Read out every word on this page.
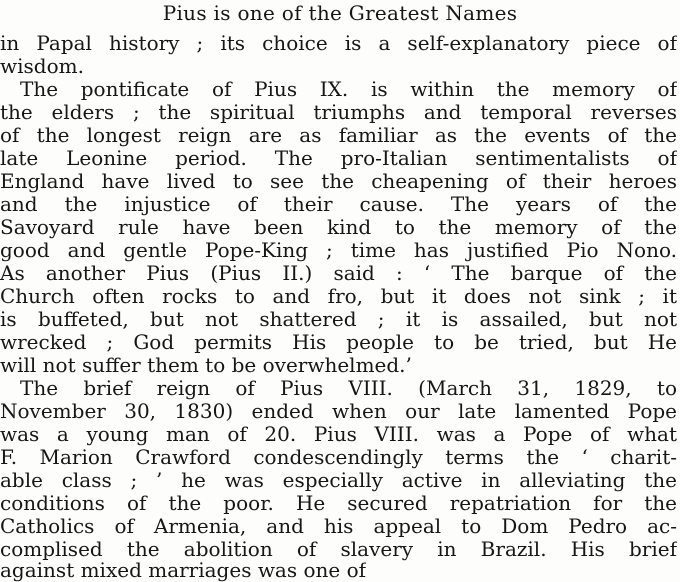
Pius is one of the Greatest Names
in Papal history ; its choice is a self-explanatory piece of
wisdom.
The pontificate of Pius IX. is within the memory of
the elders ; the spiritual triumphs and temporal reverses
of the longest reign are as familiar as the events of the
late Leonine period. The pro-Italian sentimentalists of
England have lived to see the cheapening of their heroes
and the injustice of their cause. The years of the
Savoyard rule have been kind to the memory of the
good and gentle Pope-King ; time has justified Pio Nono.
As another Pius (Pius II.) said : ‘ The barque of the
Church often rocks to and fro, but it does not sink ; it
is buffeted, but not shattered ; it is assailed, but not
wrecked ; God permits His people to be tried, but He
will not suffer them to be overwhelmed.’
The brief reign of Pius VIII. (March 31, 1829, to
November 30, 1830) ended when our late lamented Pope
was a young man of 20. Pius VIII. was a Pope of what
F. Marion Crawford condescendingly terms the ‘ charit-
able class ; ’ he was especially active in alleviating the
conditions of the poor. He secured repatriation for the
Catholics of Armenia, and his appeal to Dom Pedro ac-
complised the abolition of slavery in Brazil. His brief
against mixed marriages was one of
